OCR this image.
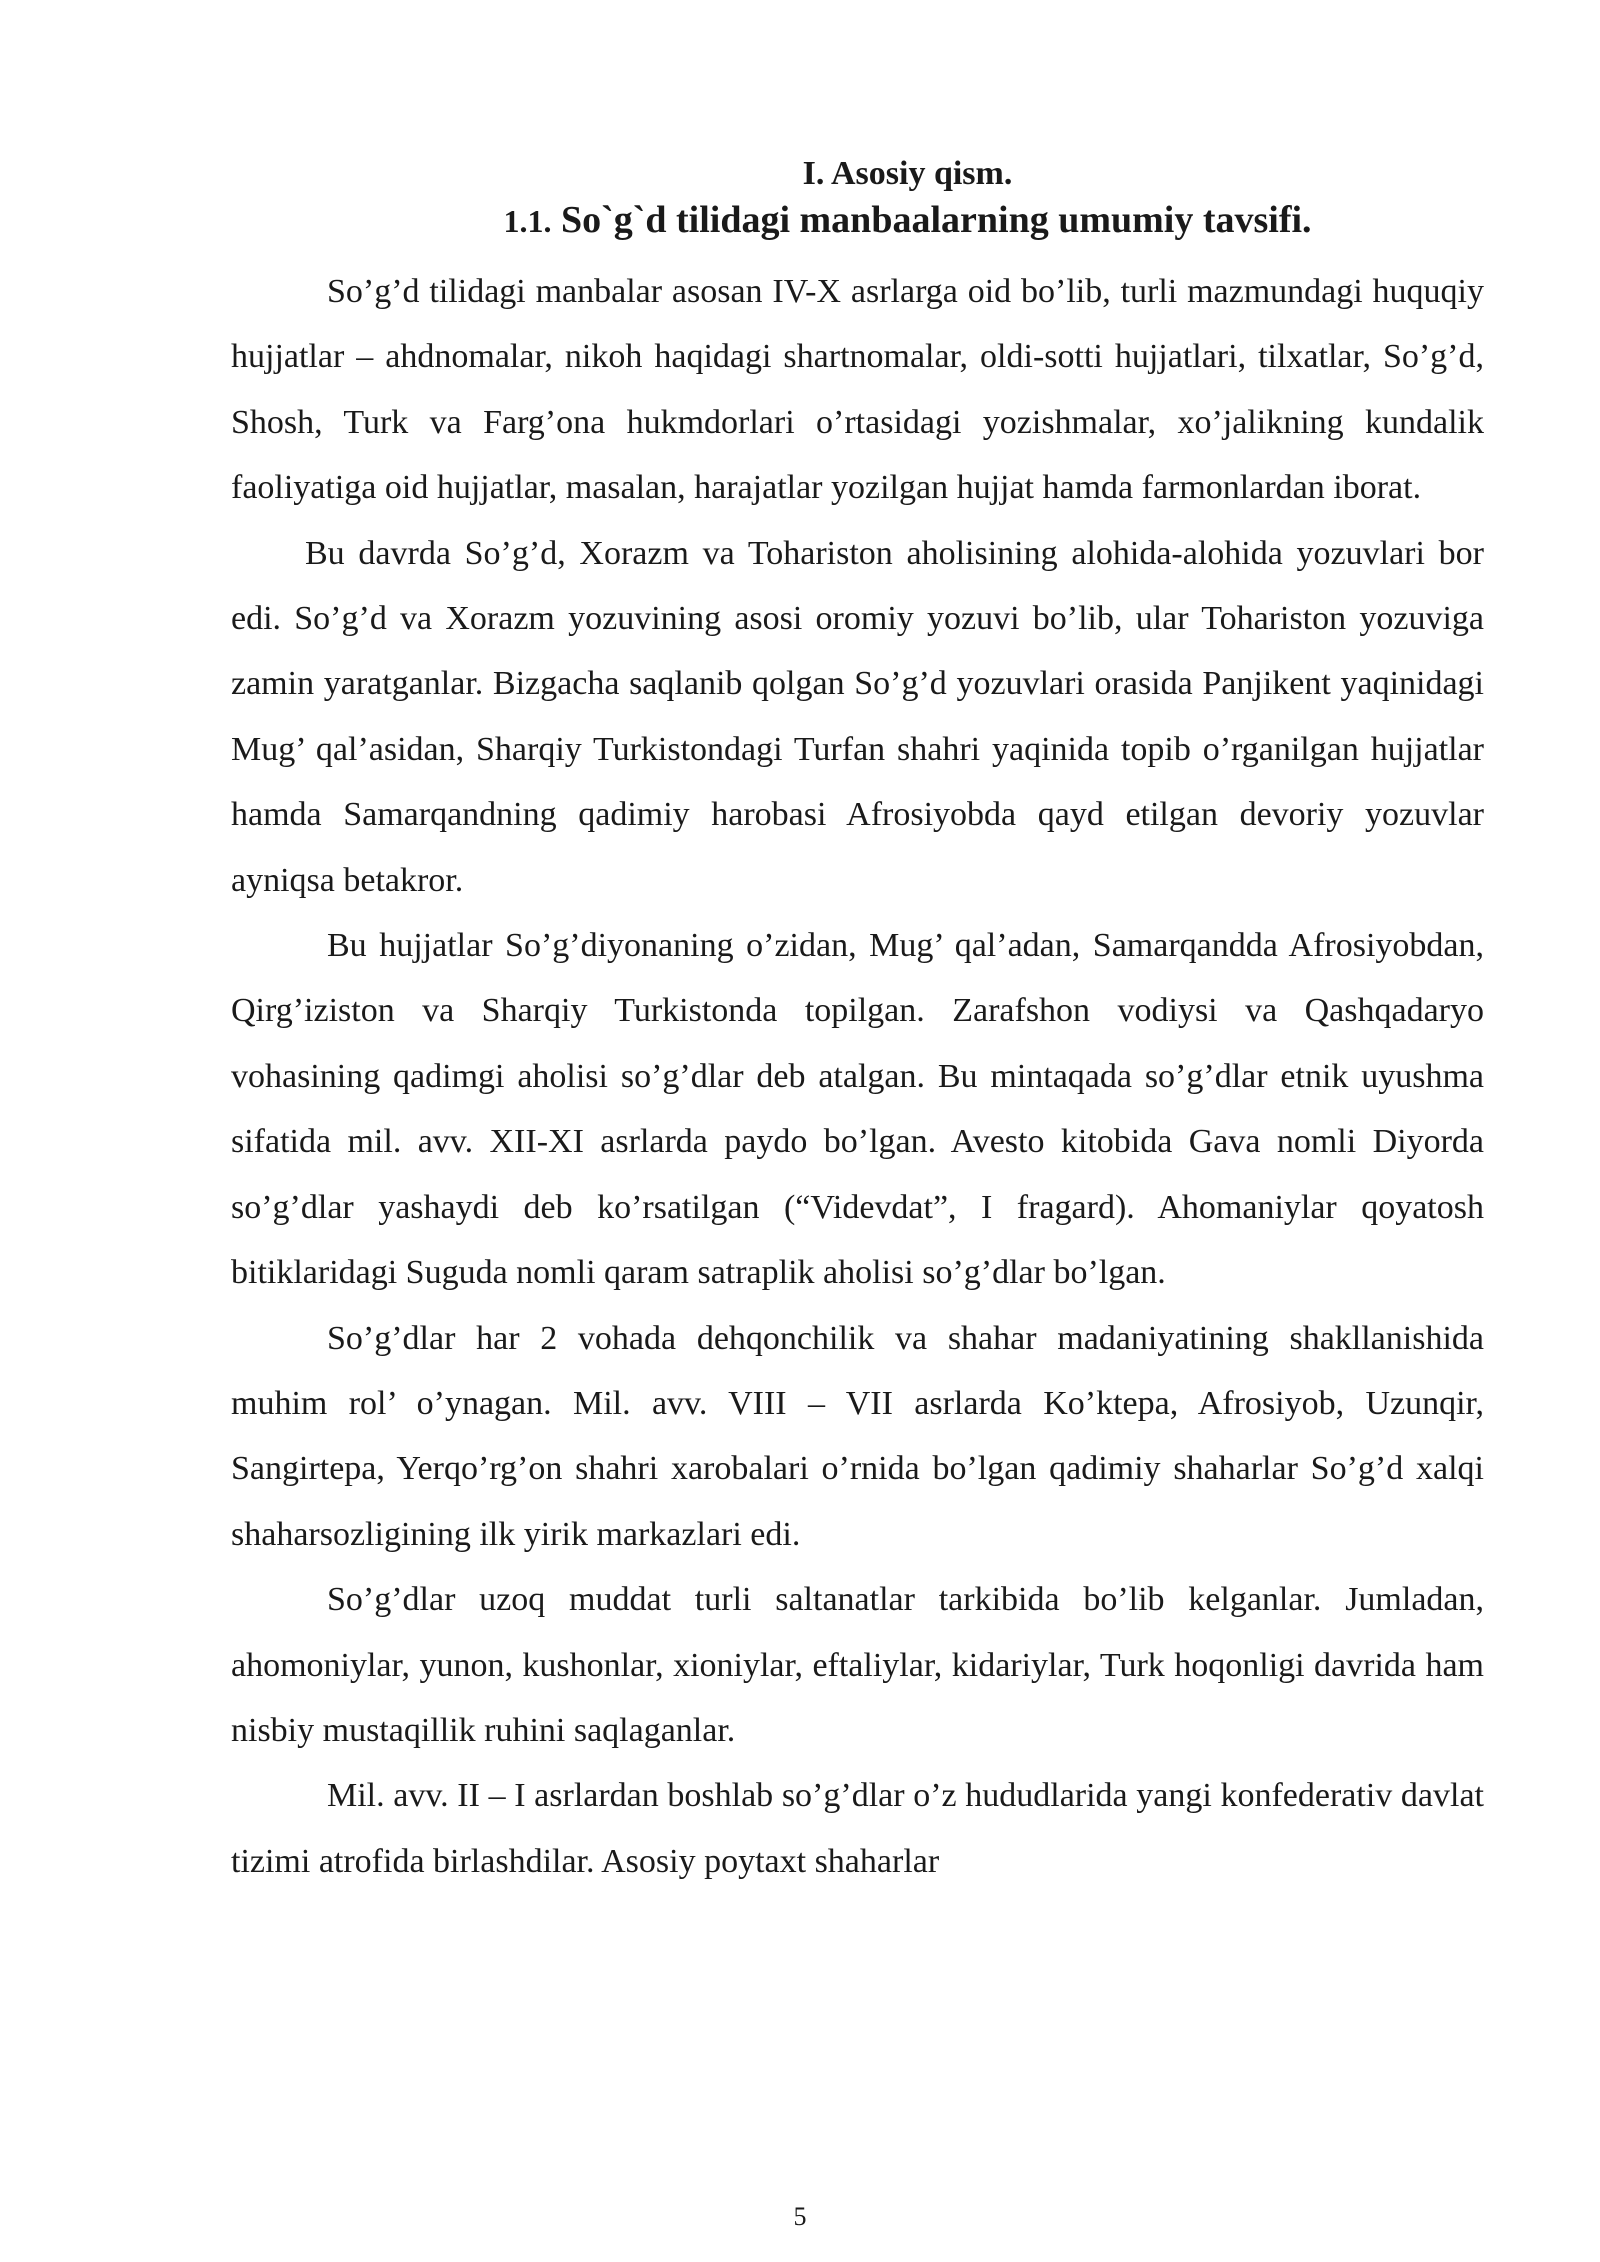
I. Asosiy qism.

1.1. So`g`d tilidagi manbaalarning umumiy tavsifi.

So’g’d tilidagi manbalar asosan IV-X asrlarga oid bo’lib, turli mazmundagi huquqiy hujjatlar – ahdnomalar, nikoh haqidagi shartnomalar, oldi-sotti hujjatlari, tilxatlar, So’g’d, Shosh, Turk va Farg’ona hukmdorlari o’rtasidagi yozishmalar, xo’jalikning kundalik faoliyatiga oid hujjatlar, masalan, harajatlar yozilgan hujjat hamda farmonlardan iborat.

Bu davrda So’g’d, Xorazm va Tohariston aholisining alohida-alohida yozuvlari bor edi. So’g’d va Xorazm yozuvining asosi oromiy yozuvi bo’lib, ular Tohariston yozuviga zamin yaratganlar. Bizgacha saqlanib qolgan So’g’d yozuvlari orasida Panjikent yaqinidagi Mug’ qal’asidan, Sharqiy Turkistondagi Turfan shahri yaqinida topib o’rganilgan hujjatlar hamda Samarqandning qadimiy harobasi Afrosiyobda qayd etilgan devoriy yozuvlar ayniqsa betakror.

Bu hujjatlar So’g’diyonaning o’zidan, Mug’ qal’adan, Samarqandda Afrosiyobdan, Qirg’iziston va Sharqiy Turkistonda topilgan. Zarafshon vodiysi va Qashqadaryo vohasining qadimgi aholisi so’g’dlar deb atalgan. Bu mintaqada so’g’dlar etnik uyushma sifatida mil. avv. XII-XI asrlarda paydo bo’lgan. Avesto kitobida Gava nomli Diyorda so’g’dlar yashaydi deb ko’rsatilgan (“Videvdat”, I fragard). Ahomaniylar qoyatosh bitiklaridagi Suguda nomli qaram satraplik aholisi so’g’dlar bo’lgan.

So’g’dlar har 2 vohada dehqonchilik va shahar madaniyatining shakllanishida muhim rol’ o’ynagan. Mil. avv. VIII – VII asrlarda Ko’ktepa, Afrosiyob, Uzunqir, Sangirtepa, Yerqo’rg’on shahri xarobalari o’rnida bo’lgan qadimiy shaharlar So’g’d xalqi shaharsozligining ilk yirik markazlari edi.

So’g’dlar uzoq muddat turli saltanatlar tarkibida bo’lib kelganlar. Jumladan, ahomoniylar, yunon, kushonlar, xioniylar, eftaliylar, kidariylar, Turk hoqonligi davrida ham nisbiy mustaqillik ruhini saqlaganlar.

Mil. avv. II – I asrlardan boshlab so’g’dlar o’z hududlarida yangi konfederativ davlat tizimi atrofida birlashdilar. Asosiy poytaxt shaharlar

5
